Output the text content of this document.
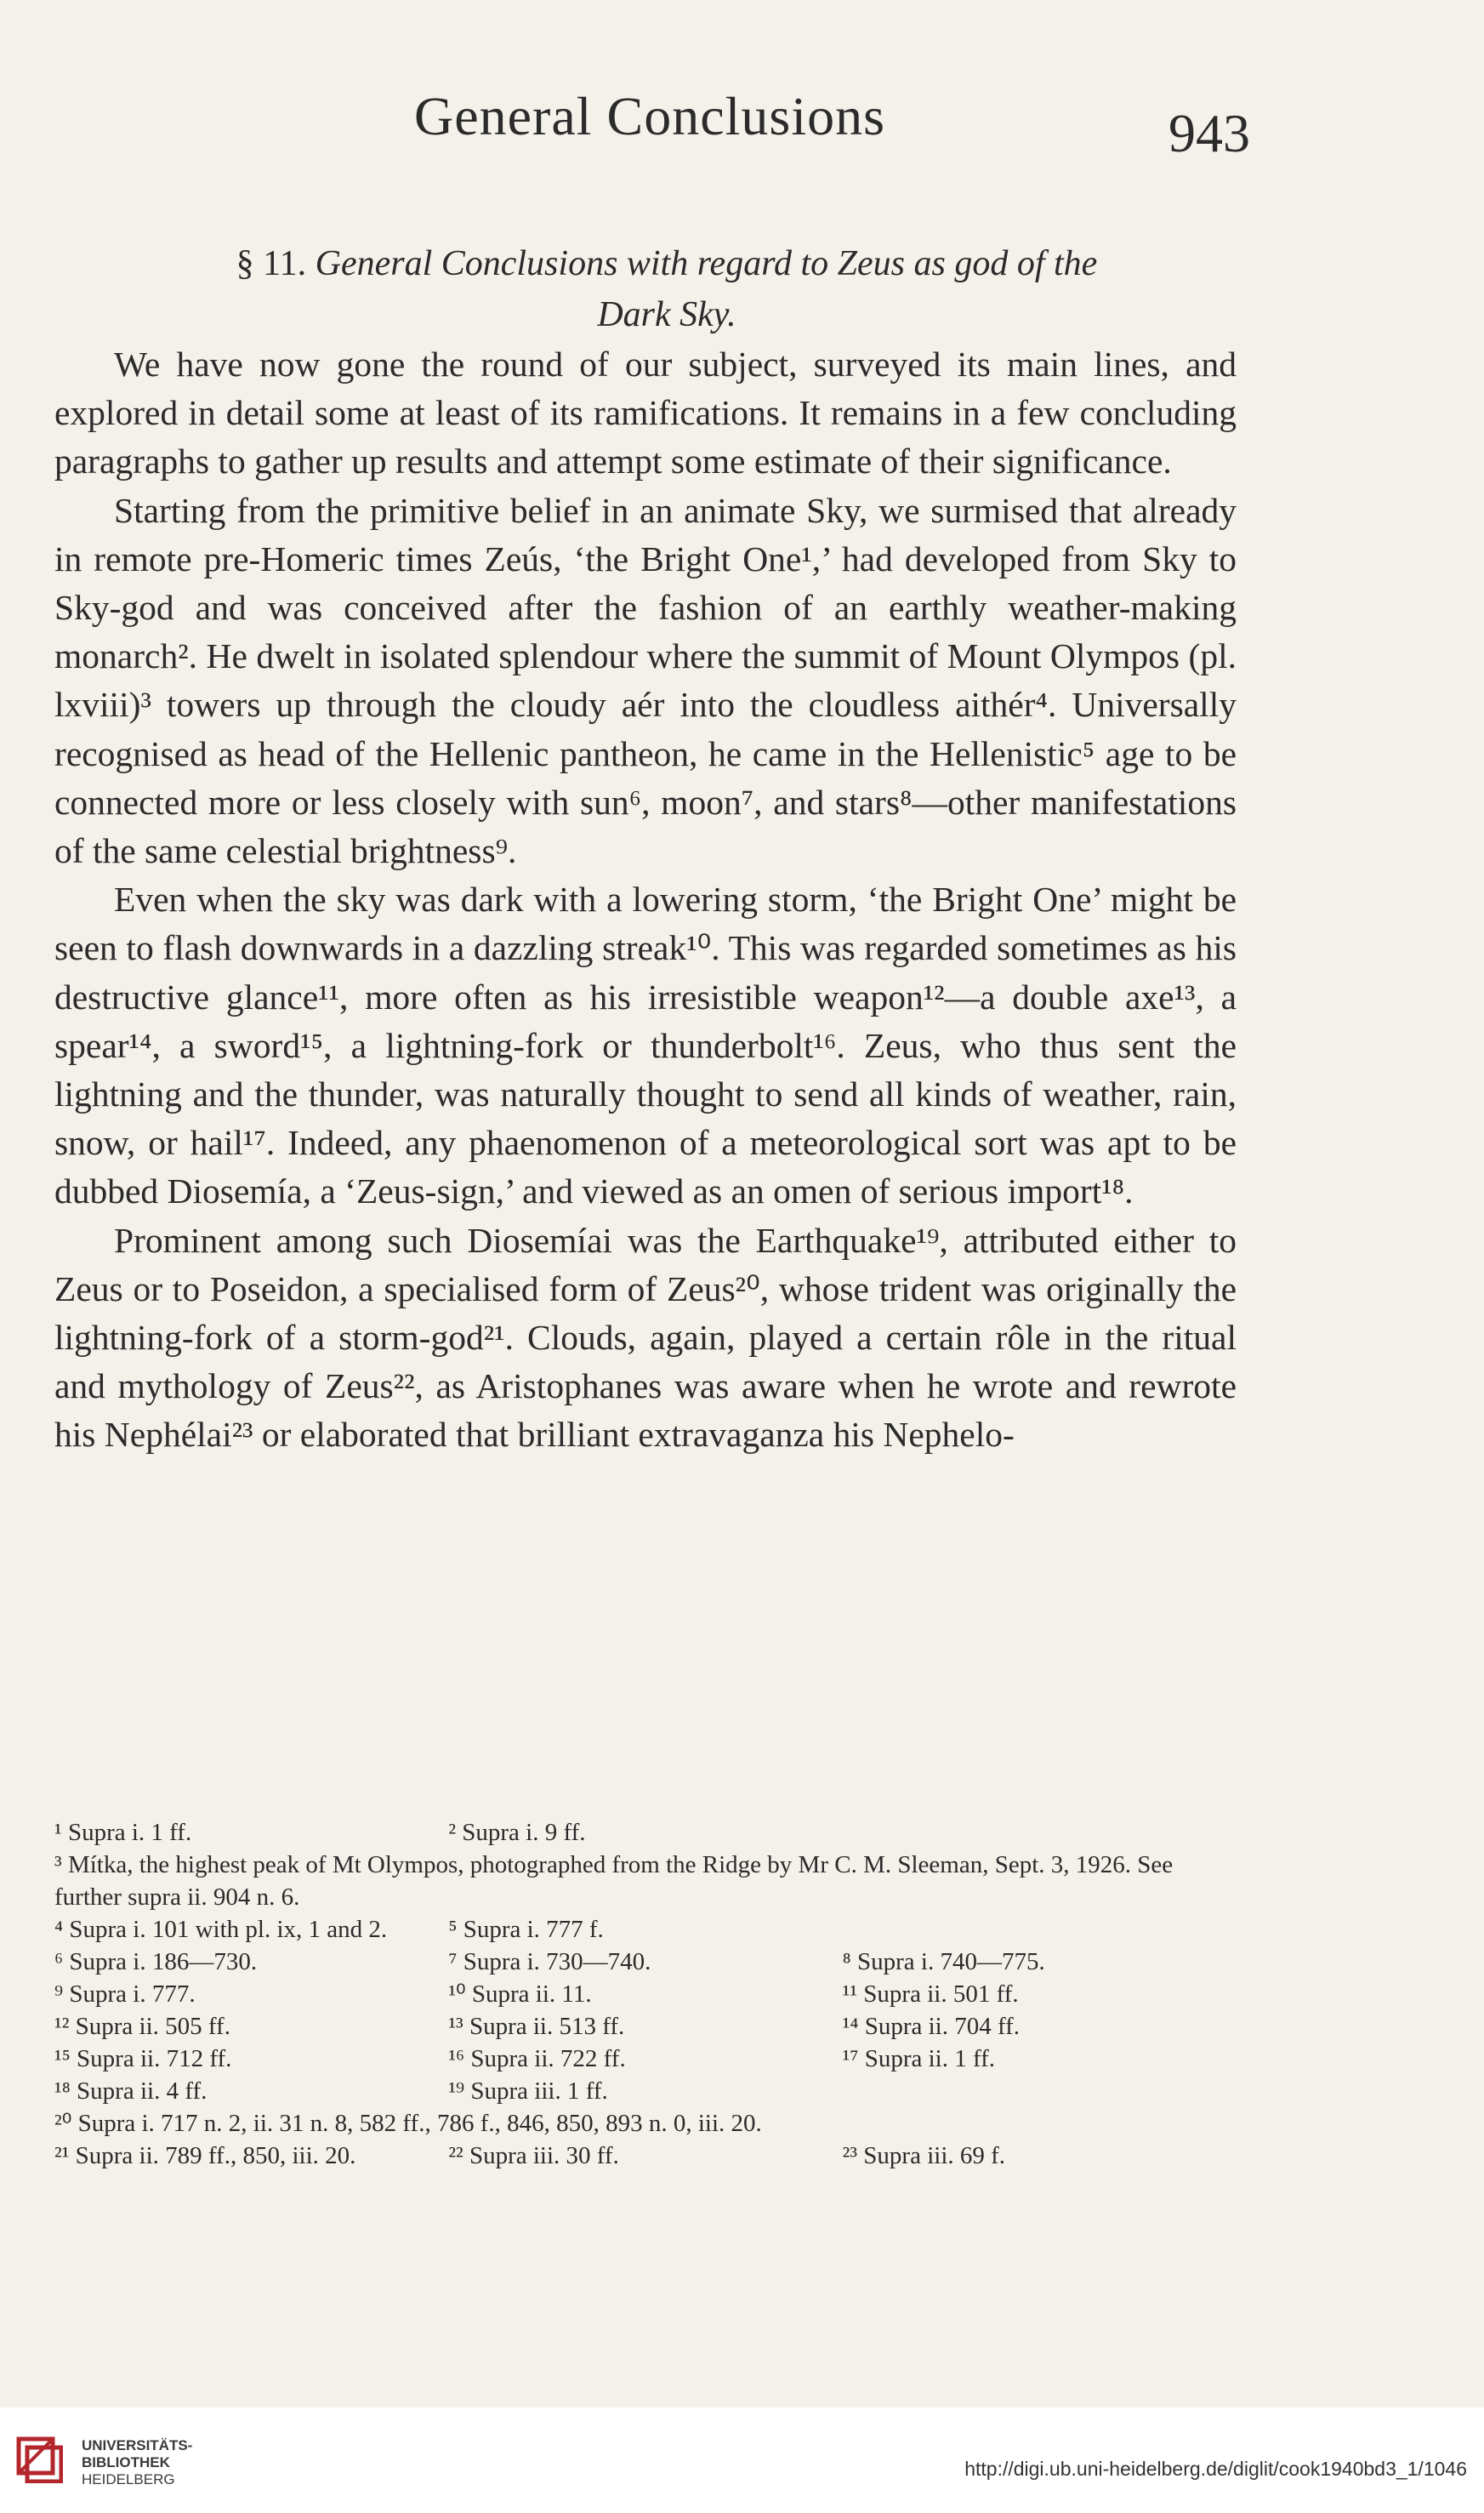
General Conclusions	943
§ 11. General Conclusions with regard to Zeus as god of the
Dark Sky.

We have now gone the round of our subject, surveyed its main lines, and explored in detail some at least of its ramifications. It remains in a few concluding paragraphs to gather up results and attempt some estimate of their significance.

Starting from the primitive belief in an animate Sky, we surmised that already in remote pre-Homeric times Zeús, ‘the Bright One¹,’ had developed from Sky to Sky-god and was conceived after the fashion of an earthly weather-making monarch². He dwelt in isolated splendour where the summit of Mount Olympos (pl. lxviii)³ towers up through the cloudy aér into the cloudless aithér⁴. Universally recognised as head of the Hellenic pantheon, he came in the Hellenistic⁵ age to be connected more or less closely with sun⁶, moon⁷, and stars⁸—other manifestations of the same celestial brightness⁹.

Even when the sky was dark with a lowering storm, ‘the Bright One’ might be seen to flash downwards in a dazzling streak¹⁰. This was regarded sometimes as his destructive glance¹¹, more often as his irresistible weapon¹²—a double axe¹³, a spear¹⁴, a sword¹⁵, a lightning-fork or thunderbolt¹⁶. Zeus, who thus sent the lightning and the thunder, was naturally thought to send all kinds of weather, rain, snow, or hail¹⁷. Indeed, any phaenomenon of a meteorological sort was apt to be dubbed Diosemía, a ‘Zeus-sign,’ and viewed as an omen of serious import¹⁸.

Prominent among such Diosemíai was the Earthquake¹⁹, attributed either to Zeus or to Poseidon, a specialised form of Zeus²⁰, whose trident was originally the lightning-fork of a storm-god²¹. Clouds, again, played a certain rôle in the ritual and mythology of Zeus²², as Aristophanes was aware when he wrote and rewrote his Nephélai²³ or elaborated that brilliant extravaganza his Nephelo-

¹ Supra i. 1 ff.	² Supra i. 9 ff.
³ Mítka, the highest peak of Mt Olympos, photographed from the Ridge by Mr C. M. Sleeman, Sept. 3, 1926. See further supra ii. 904 n. 6.
⁴ Supra i. 101 with pl. ix, 1 and 2.	⁵ Supra i. 777 f.
⁶ Supra i. 186—730.	⁷ Supra i. 730—740.	⁸ Supra i. 740—775.
⁹ Supra i. 777.	¹⁰ Supra ii. 11.	¹¹ Supra ii. 501 ff.
¹² Supra ii. 505 ff.	¹³ Supra ii. 513 ff.	¹⁴ Supra ii. 704 ff.
¹⁵ Supra ii. 712 ff.	¹⁶ Supra ii. 722 ff.	¹⁷ Supra ii. 1 ff.
¹⁸ Supra ii. 4 ff.	¹⁹ Supra iii. 1 ff.
²⁰ Supra i. 717 n. 2, ii. 31 n. 8, 582 ff., 786 f., 846, 850, 893 n. 0, iii. 20.
²¹ Supra ii. 789 ff., 850, iii. 20.	²² Supra iii. 30 ff.	²³ Supra iii. 69 f.
UNIVERSITÄTS-
BIBLIOTHEK
HEIDELBERG	http://digi.ub.uni-heidelberg.de/diglit/cook1940bd3_1/1046
